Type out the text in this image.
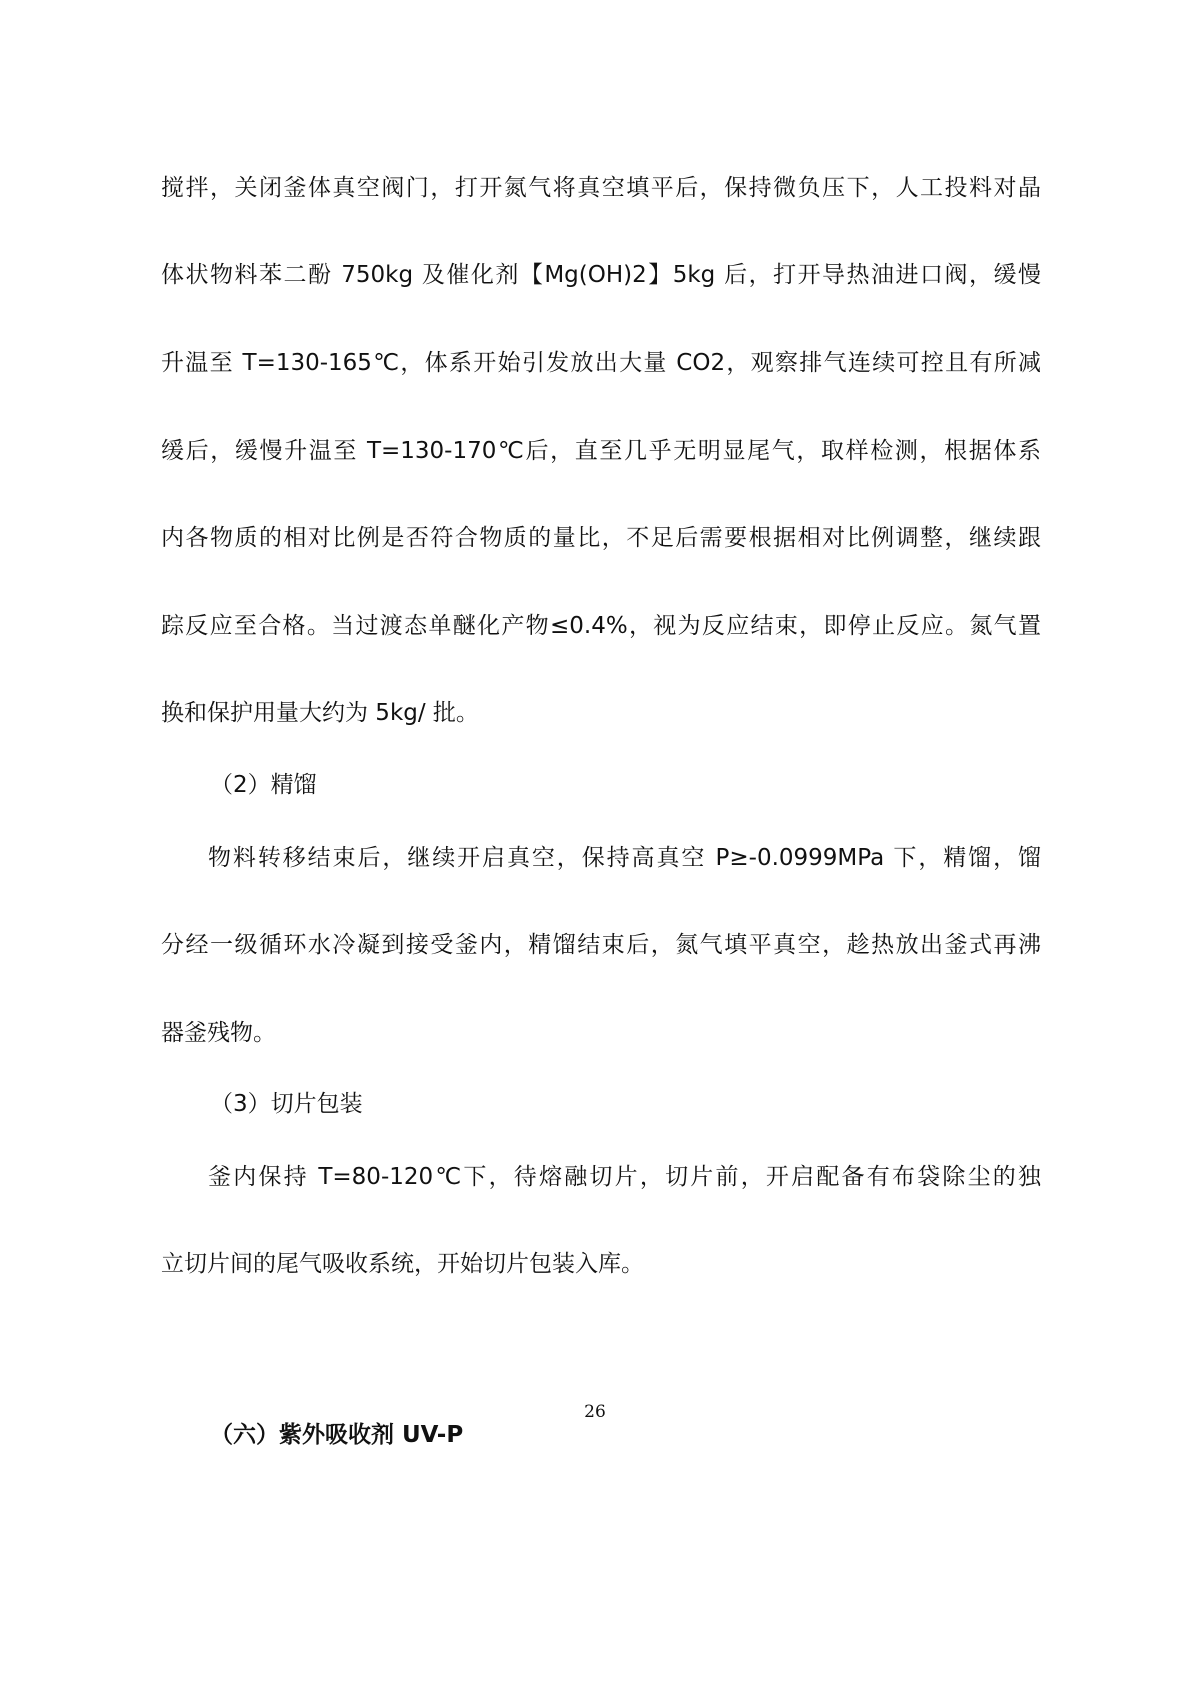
搅拌，关闭釜体真空阀门，打开氮气将真空填平后，保持微负压下，人工投料对晶
体状物料苯二酚 750kg 及催化剂【Mg(OH)2】5kg 后，打开导热油进口阀，缓慢
升温至 T=130-165℃，体系开始引发放出大量 CO2，观察排气连续可控且有所减
缓后，缓慢升温至 T=130-170℃后，直至几乎无明显尾气，取样检测，根据体系
内各物质的相对比例是否符合物质的量比，不足后需要根据相对比例调整，继续跟
踪反应至合格。当过渡态单醚化产物≤0.4%，视为反应结束，即停止反应。氮气置
换和保护用量大约为 5kg/ 批。
（2）精馏
物料转移结束后，继续开启真空，保持高真空 P≥-0.0999MPa 下，精馏，馏
分经一级循环水冷凝到接受釜内，精馏结束后，氮气填平真空，趁热放出釜式再沸
器釜残物。
（3）切片包装
釜内保持 T=80-120℃下，待熔融切片，切片前，开启配备有布袋除尘的独
立切片间的尾气吸收系统，开始切片包装入库。
26
（六）紫外吸收剂 UV-P
